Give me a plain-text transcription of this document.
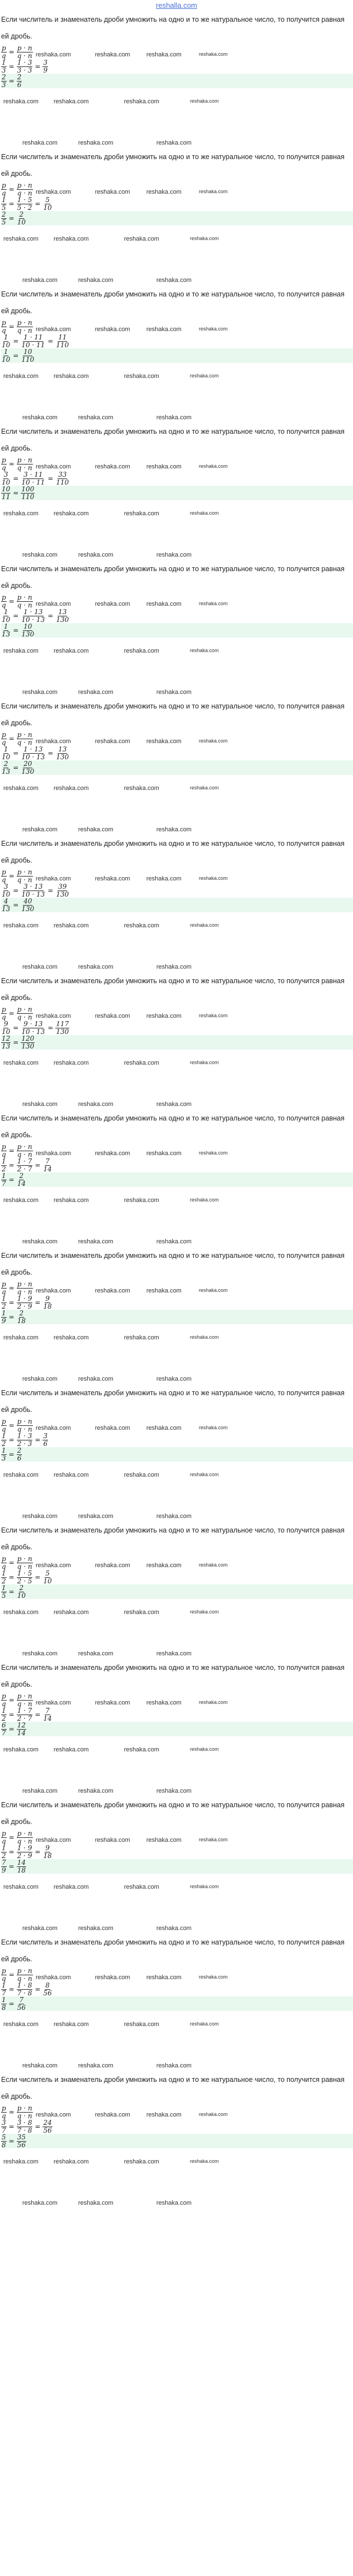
reshalla.com
Если числитель и знаменатель дроби умножить на одно и то же натуральное число, то получится равная ей дробь.
$\frac{p}{q} = \frac{p \cdot n}{q \cdot n}$
$\frac{1}{3} = \frac{1 \cdot 3}{3 \cdot 3} = \frac{3}{9}$
$\frac{2}{3} = \frac{2}{6}$
reshaka.com	reshaka.com	reshaka.com	reshaka.com
reshaka.com reshaka.com	reshaka.com	reshaka.com
reshaka.com	reshaka.com	reshaka.com
Если числитель и знаменатель дроби умножить на одно и то же натуральное число, то получится равная ей дробь.
$\frac{p}{q} = \frac{p \cdot n}{q \cdot n}$
$\frac{1}{5} = \frac{1 \cdot 5}{5 \cdot 2} = \frac{5}{10}$
$\frac{2}{5} = \frac{2}{10}$
reshaka.com	reshaka.com	reshaka.com	reshaka.com
reshaka.com reshaka.com	reshaka.com	reshaka.com
reshaka.com	reshaka.com	reshaka.com
Если числитель и знаменатель дроби умножить на одно и то же натуральное число, то получится равная ей дробь.
$\frac{p}{q} = \frac{p \cdot n}{q \cdot n}$
$\frac{1}{10} = \frac{1 \cdot 11}{10 \cdot 11} = \frac{11}{110}$
$\frac{1}{10} = \frac{10}{110}$
reshaka.com	reshaka.com	reshaka.com	reshaka.com
reshaka.com reshaka.com	reshaka.com	reshaka.com
reshaka.com	reshaka.com	reshaka.com
Если числитель и знаменатель дроби умножить на одно и то же натуральное число, то получится равная ей дробь.
$\frac{p}{q} = \frac{p \cdot n}{q \cdot n}$
$\frac{3}{10} = \frac{3 \cdot 11}{10 \cdot 11} = \frac{33}{110}$
$\frac{10}{11} = \frac{100}{110}$
reshaka.com	reshaka.com	reshaka.com	reshaka.com
reshaka.com reshaka.com	reshaka.com	reshaka.com
reshaka.com	reshaka.com	reshaka.com
Если числитель и знаменатель дроби умножить на одно и то же натуральное число, то получится равная ей дробь.
$\frac{p}{q} = \frac{p \cdot n}{q \cdot n}$
$\frac{1}{10} = \frac{1 \cdot 13}{10 \cdot 13} = \frac{13}{130}$
$\frac{1}{13} = \frac{10}{130}$
reshaka.com	reshaka.com	reshaka.com	reshaka.com
reshaka.com reshaka.com	reshaka.com	reshaka.com
reshaka.com	reshaka.com	reshaka.com
Если числитель и знаменатель дроби умножить на одно и то же натуральное число, то получится равная ей дробь.
$\frac{p}{q} = \frac{p \cdot n}{q \cdot n}$
$\frac{1}{10} = \frac{1 \cdot 13}{10 \cdot 13} = \frac{13}{130}$
$\frac{2}{13} = \frac{20}{130}$
reshaka.com	reshaka.com	reshaka.com	reshaka.com
reshaka.com reshaka.com	reshaka.com	reshaka.com
reshaka.com	reshaka.com	reshaka.com
Если числитель и знаменатель дроби умножить на одно и то же натуральное число, то получится равная ей дробь.
$\frac{p}{q} = \frac{p \cdot n}{q \cdot n}$
$\frac{3}{10} = \frac{3 \cdot 13}{10 \cdot 13} = \frac{39}{130}$
$\frac{4}{13} = \frac{40}{130}$
reshaka.com	reshaka.com	reshaka.com	reshaka.com
reshaka.com reshaka.com	reshaka.com	reshaka.com
reshaka.com	reshaka.com	reshaka.com
Если числитель и знаменатель дроби умножить на одно и то же натуральное число, то получится равная ей дробь.
$\frac{p}{q} = \frac{p \cdot n}{q \cdot n}$
$\frac{9}{10} = \frac{9 \cdot 13}{10 \cdot 13} = \frac{117}{130}$
$\frac{12}{13} = \frac{120}{130}$
reshaka.com	reshaka.com	reshaka.com	reshaka.com
reshaka.com reshaka.com	reshaka.com	reshaka.com
reshaka.com	reshaka.com	reshaka.com
Если числитель и знаменатель дроби умножить на одно и то же натуральное число, то получится равная ей дробь.
$\frac{p}{q} = \frac{p \cdot n}{q \cdot n}$
$\frac{1}{2} = \frac{1 \cdot 7}{2 \cdot 7} = \frac{7}{14}$
$\frac{1}{7} = \frac{2}{14}$
reshaka.com	reshaka.com	reshaka.com	reshaka.com
reshaka.com reshaka.com	reshaka.com	reshaka.com
reshaka.com	reshaka.com	reshaka.com
Если числитель и знаменатель дроби умножить на одно и то же натуральное число, то получится равная ей дробь.
$\frac{p}{q} = \frac{p \cdot n}{q \cdot n}$
$\frac{1}{2} = \frac{1 \cdot 9}{2 \cdot 9} = \frac{9}{18}$
$\frac{1}{9} = \frac{2}{18}$
reshaka.com	reshaka.com	reshaka.com	reshaka.com
reshaka.com reshaka.com	reshaka.com	reshaka.com
reshaka.com	reshaka.com	reshaka.com
Если числитель и знаменатель дроби умножить на одно и то же натуральное число, то получится равная ей дробь.
$\frac{p}{q} = \frac{p \cdot n}{q \cdot n}$
$\frac{1}{2} = \frac{1 \cdot 3}{2 \cdot 3} = \frac{3}{6}$
$\frac{1}{3} = \frac{2}{6}$
reshaka.com	reshaka.com	reshaka.com	reshaka.com
reshaka.com reshaka.com	reshaka.com	reshaka.com
reshaka.com	reshaka.com	reshaka.com
Если числитель и знаменатель дроби умножить на одно и то же натуральное число, то получится равная ей дробь.
$\frac{p}{q} = \frac{p \cdot n}{q \cdot n}$
$\frac{1}{2} = \frac{1 \cdot 5}{2 \cdot 5} = \frac{5}{10}$
$\frac{1}{5} = \frac{2}{10}$
reshaka.com	reshaka.com	reshaka.com	reshaka.com
reshaka.com reshaka.com	reshaka.com	reshaka.com
reshaka.com	reshaka.com	reshaka.com
Если числитель и знаменатель дроби умножить на одно и то же натуральное число, то получится равная ей дробь.
$\frac{p}{q} = \frac{p \cdot n}{q \cdot n}$
$\frac{1}{2} = \frac{1 \cdot 7}{2 \cdot 7} = \frac{7}{14}$
$\frac{6}{7} = \frac{12}{14}$
reshaka.com	reshaka.com	reshaka.com	reshaka.com
reshaka.com reshaka.com	reshaka.com	reshaka.com
reshaka.com	reshaka.com	reshaka.com
Если числитель и знаменатель дроби умножить на одно и то же натуральное число, то получится равная ей дробь.
$\frac{p}{q} = \frac{p \cdot n}{q \cdot n}$
$\frac{1}{2} = \frac{1 \cdot 9}{2 \cdot 9} = \frac{9}{18}$
$\frac{7}{9} = \frac{14}{18}$
reshaka.com	reshaka.com	reshaka.com	reshaka.com
reshaka.com reshaka.com	reshaka.com	reshaka.com
reshaka.com	reshaka.com	reshaka.com
Если числитель и знаменатель дроби умножить на одно и то же натуральное число, то получится равная ей дробь.
$\frac{p}{q} = \frac{p \cdot n}{q \cdot n}$
$\frac{1}{7} = \frac{1 \cdot 8}{7 \cdot 8} = \frac{8}{56}$
$\frac{1}{8} = \frac{7}{56}$
reshaka.com	reshaka.com	reshaka.com	reshaka.com
reshaka.com reshaka.com	reshaka.com	reshaka.com
reshaka.com	reshaka.com	reshaka.com
Если числитель и знаменатель дроби умножить на одно и то же натуральное число, то получится равная ей дробь.
$\frac{p}{q} = \frac{p \cdot n}{q \cdot n}$
$\frac{3}{7} = \frac{3 \cdot 8}{7 \cdot 8} = \frac{24}{56}$
$\frac{5}{8} = \frac{35}{56}$
reshaka.com	reshaka.com	reshaka.com	reshaka.com
reshaka.com reshaka.com	reshaka.com	reshaka.com
reshaka.com	reshaka.com	reshaka.com
